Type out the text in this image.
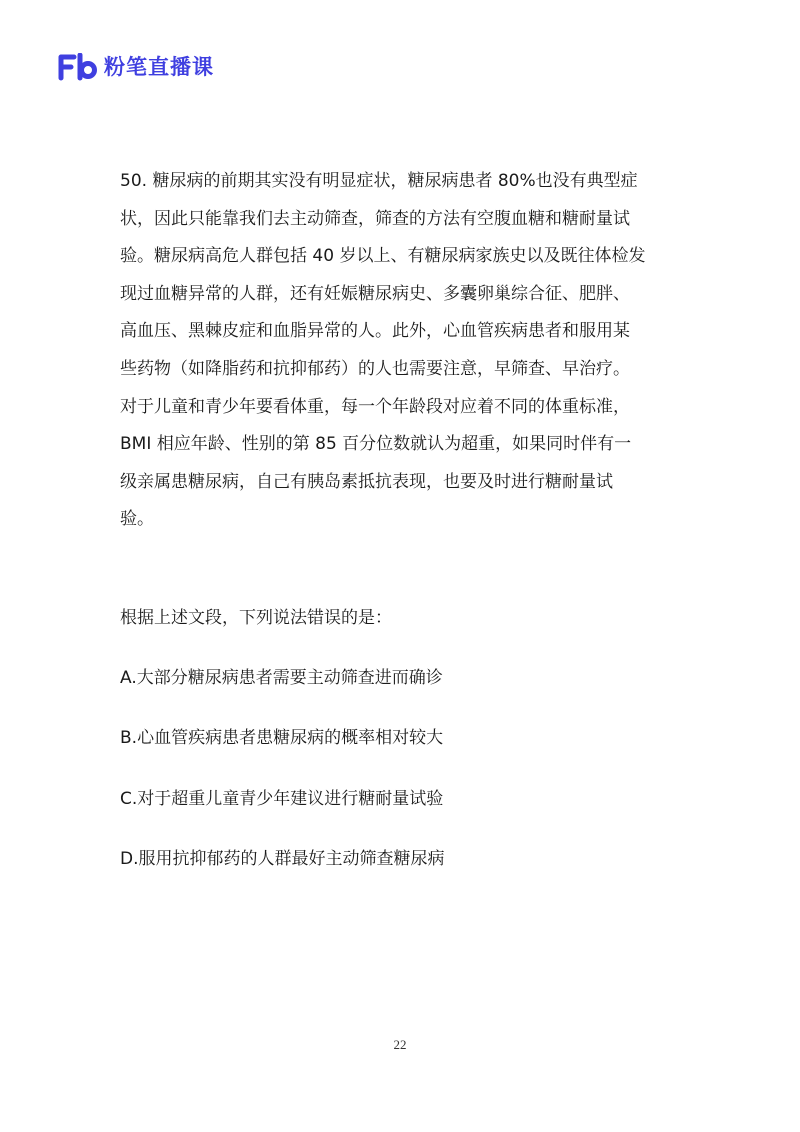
粉笔直播课

50. 糖尿病的前期其实没有明显症状，糖尿病患者 80%也没有典型症

状，因此只能靠我们去主动筛查，筛查的方法有空腹血糖和糖耐量试

验。糖尿病高危人群包括 40 岁以上、有糖尿病家族史以及既往体检发

现过血糖异常的人群，还有妊娠糖尿病史、多囊卵巢综合征、肥胖、

高血压、黑棘皮症和血脂异常的人。此外，心血管疾病患者和服用某

些药物（如降脂药和抗抑郁药）的人也需要注意，早筛查、早治疗。

对于儿童和青少年要看体重，每一个年龄段对应着不同的体重标准，

BMI 相应年龄、性别的第 85 百分位数就认为超重，如果同时伴有一

级亲属患糖尿病，自己有胰岛素抵抗表现，也要及时进行糖耐量试

验。

根据上述文段，下列说法错误的是：

A.大部分糖尿病患者需要主动筛查进而确诊

B.心血管疾病患者患糖尿病的概率相对较大

C.对于超重儿童青少年建议进行糖耐量试验

D.服用抗抑郁药的人群最好主动筛查糖尿病

22
